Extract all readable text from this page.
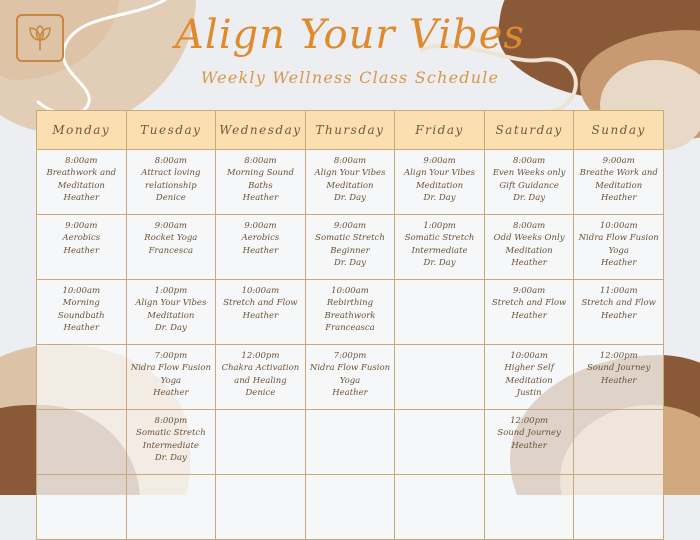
Align Your Vibes
Weekly Wellness Class Schedule
Monday	Tuesday	Wednesday	Thursday	Friday	Saturday	Sunday

8:00am
Breathwork and Meditation
Heather	8:00am
Attract loving relationship
Denice	8:00am
Morning Sound Baths
Heather	8:00am
Align Your Vibes Meditation
Dr. Day	9:00am
Align Your Vibes Meditation
Dr. Day	8:00am
Even Weeks only Gift Guidance
Dr. Day	9:00am
Breathe Work and Meditation
Heather

9:00am
Aerobics
Heather	9:00am
Rocket Yoga
Francesca	9:00am
Aerobics
Heather	9:00am
Somatic Stretch Beginner
Dr. Day	1:00pm
Somatic Stretch Intermediate
Dr. Day	8:00am
Odd Weeks Only Meditation
Heather	10:00am
Nidra Flow Fusion Yoga
Heather

10:00am
Morning Soundbath
Heather	1:00pm
Align Your Vibes Meditation
Dr. Day	10:00am
Stretch and Flow
Heather	10:00am
Rebirthing Breathwork
Franceasca		9:00am
Stretch and Flow
Heather	11:00am
Stretch and Flow
Heather

	7:00pm
Nidra Flow Fusion Yoga
Heather	12:00pm
Chakra Activation and Healing
Denice	7:00pm
Nidra Flow Fusion Yoga
Heather		10:00am
Higher Self Meditation
Justin	12:00pm
Sound Journey
Heather

	8:00pm
Somatic Stretch Intermediate
Dr. Day				12:00pm
Sound Journey
Heather	
